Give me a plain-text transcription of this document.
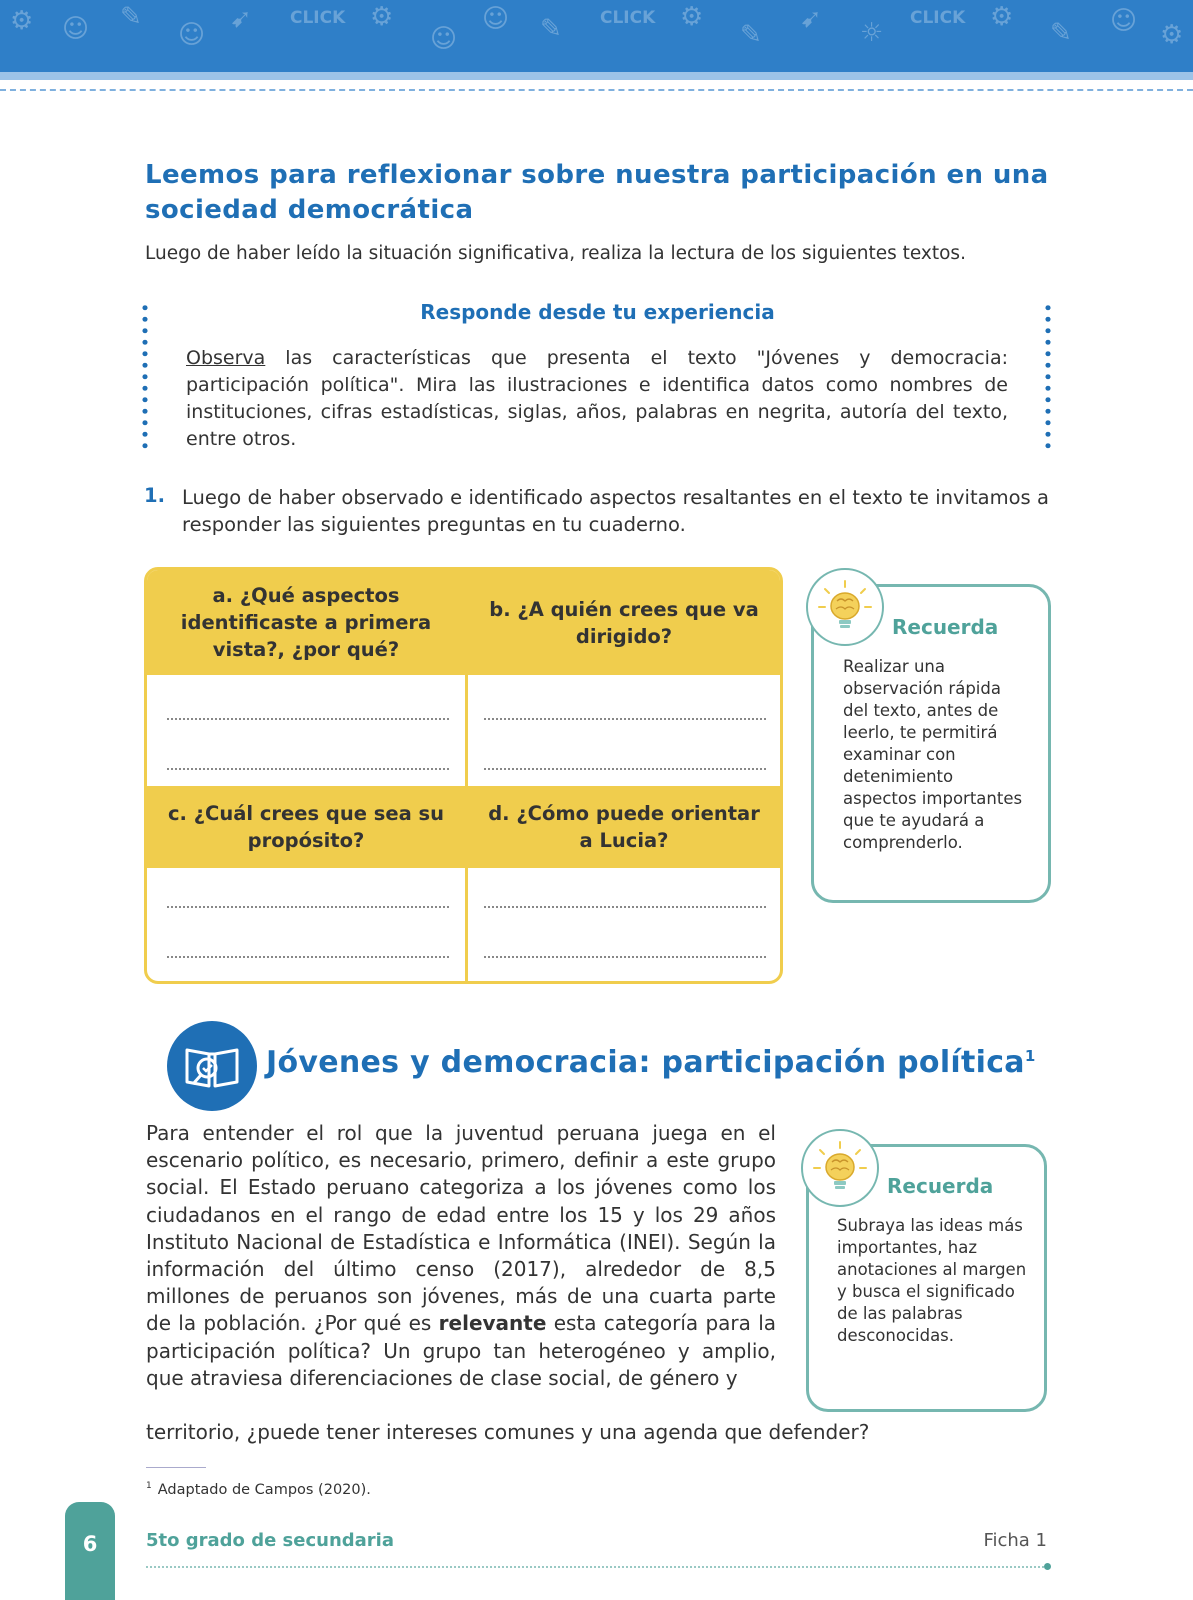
⚙ ☺ ✎
☺
➹ CLICK ⚙
☺
☺ ✎ CLICK ⚙
✎
➹ ☼ CLICK ⚙
✎ ☺ ⚙
Leemos para reflexionar sobre nuestra participación en una sociedad democrática
Luego de haber leído la situación significativa, realiza la lectura de los siguientes textos.
Responde desde tu experiencia
Observa las características que presenta el texto "Jóvenes y democracia: participación política". Mira las ilustraciones e identifica datos como nombres de instituciones, cifras estadísticas, siglas, años, palabras en negrita, autoría del texto, entre otros.
1. Luego de haber observado e identificado aspectos resaltantes en el texto te invitamos a responder las siguientes preguntas en tu cuaderno.
a. ¿Qué aspectos identificaste a primera vista?, ¿por qué?
b. ¿A quién crees que va dirigido?
c. ¿Cuál crees que sea su propósito?
d. ¿Cómo puede orientar a Lucia?
Recuerda
Realizar una observación rápida del texto, antes de leerlo, te permitirá examinar con detenimiento aspectos importantes que te ayudará a comprenderlo.
Jóvenes y democracia: participación política$^1$
Para entender el rol que la juventud peruana juega en el escenario político, es necesario, primero, definir a este grupo social. El Estado peruano categoriza a los jóvenes como los ciudadanos en el rango de edad entre los 15 y los 29 años Instituto Nacional de Estadística e Informática (INEI). Según la información del último censo (2017), alrededor de 8,5 millones de peruanos son jóvenes, más de una cuarta parte de la población. ¿Por qué es relevante esta categoría para la participación política? Un grupo tan heterogéneo y amplio, que atraviesa diferenciaciones de clase social, de género y
territorio, ¿puede tener intereses comunes y una agenda que defender?
Recuerda
Subraya las ideas más importantes, haz anotaciones al margen y busca el significado de las palabras desconocidas.
$^1$ Adaptado de Campos (2020).
6	5to grado de secundaria	Ficha 1
